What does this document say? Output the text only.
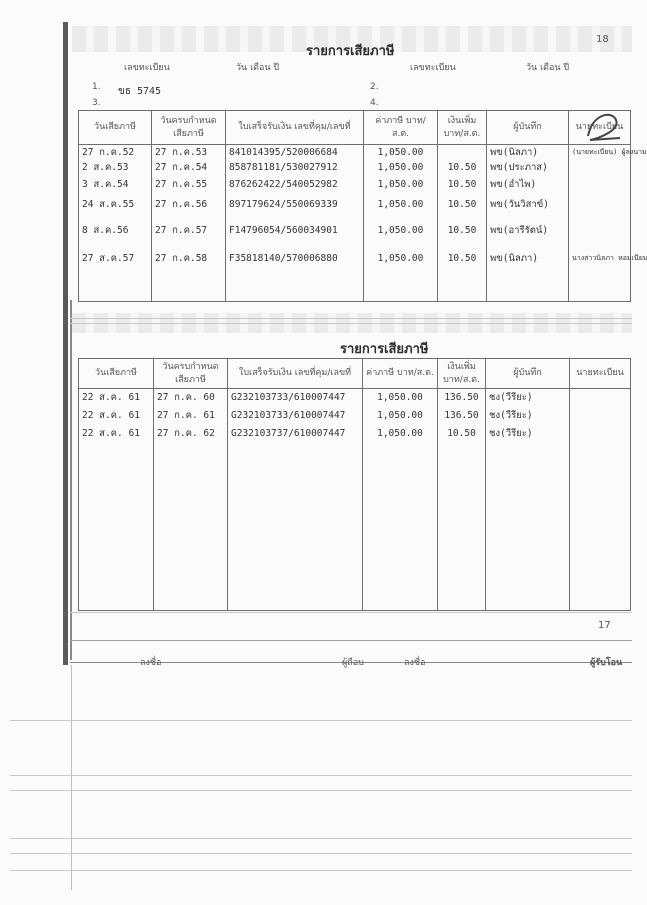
18
รายการเสียภาษี
เลขทะเบียน	วัน เดือน ปี	เลขทะเบียน	วัน เดือน ปี
1. ขธ 5745	2.
3.	4.
วันเสียภาษี	วันครบกำหนด เสียภาษี	ใบเสร็จรับเงิน เลขที่คุม/เลขที่	ค่าภาษี บาท/ส.ต.	เงินเพิ่ม บาท/ส.ต.	ผู้บันทึก	นายทะเบียน
27 ก.ค.52	27 ก.ค.53	841014395/520006684	1,050.00		พข(นิลภา)	(นายทะเบียน) ผู้ลงนาม
2 ส.ค.53	27 ก.ค.54	858781181/530027912	1,050.00	10.50	พข(ประภาส)	
3 ส.ค.54	27 ก.ค.55	876262422/540052982	1,050.00	10.50	พข(อำไพ)	
24 ส.ค.55	27 ก.ค.56	897179624/550069339	1,050.00	10.50	พข(วันวิสาข์)	
8 ส.ค.56	27 ก.ค.57	F14796054/560034901	1,050.00	10.50	พข(อารีรัตน์)	
27 ส.ค.57	27 ก.ค.58	F35818140/570006880	1,050.00	10.50	พข(นิลภา)	นางสาวนิลภา หอมเนียม

รายการเสียภาษี
วันเสียภาษี	วันครบกำหนด เสียภาษี	ใบเสร็จรับเงิน เลขที่คุม/เลขที่	ค่าภาษี บาท/ส.ต.	เงินเพิ่ม บาท/ส.ต.	ผู้บันทึก	นายทะเบียน
22 ส.ค. 61	27 ก.ค. 60	G232103733/610007447	1,050.00	136.50	ชง(วีรียะ)	
22 ส.ค. 61	27 ก.ค. 61	G232103733/610007447	1,050.00	136.50	ชง(วีรียะ)	
22 ส.ค. 61	27 ก.ค. 62	G232103737/610007447	1,050.00	10.50	ชง(วีรียะ)	

17
ลงชื่อ	ผู้ถือบ	ลงชื่อ	ผู้รับโอน
